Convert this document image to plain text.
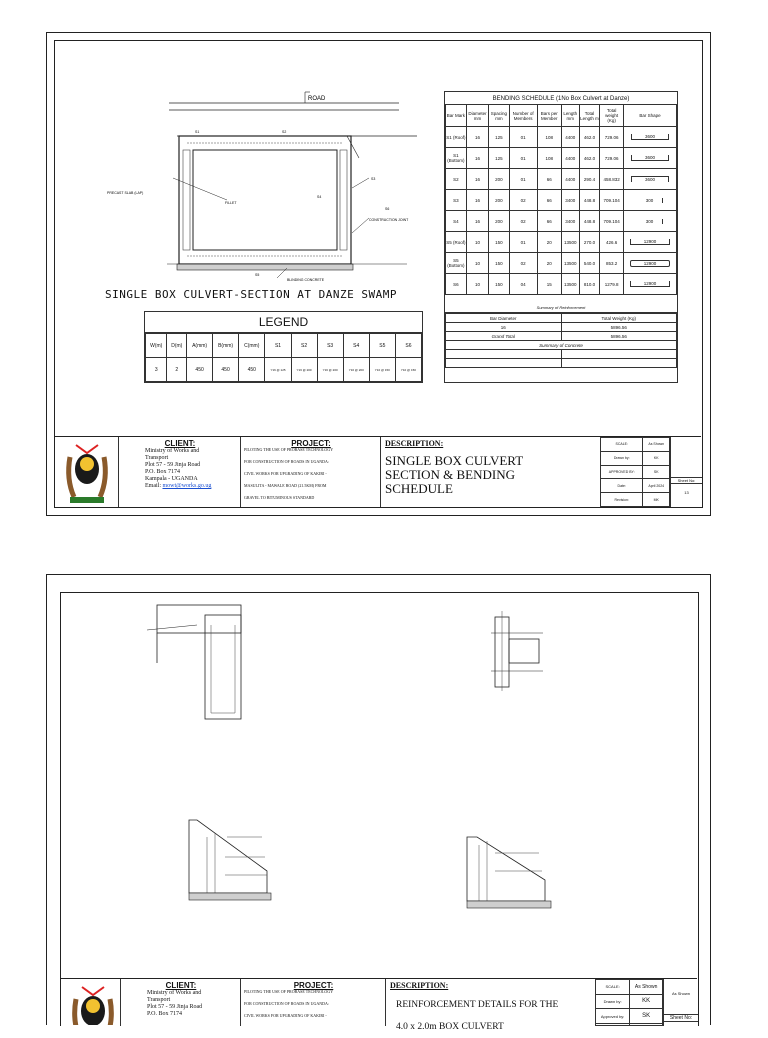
ROAD
PRECAST SLAB (LAP)
FILLET
BLINDING CONCRETE
CONSTRUCTION JOINT
S1	S2
S3
S4
S5
S6
SINGLE BOX CULVERT-SECTION AT DANZE SWAMP
BENDING SCHEDULE (1No Box Culvert at Danze)
Bar Mark	Diameter mm	Spacing mm	Number of Members	Bars per Member	Length mm	Total Length m	Total weight (Kg)	Bar Shape
S1 (Roof)	16	125	01	108	4400	462.0	729.06	3600

S1 (Bottom)	16	125	01	108	4400	462.0	729.06	3600

S2	16	200	01	66	4400	290.4	458.832	3600

S3	16	200	02	66	3400	448.8	709.104	300

S4	16	200	02	66	3400	448.8	709.104	300

S5 (Roof)	10	150	01	20	13500	270.0	426.6	12900

S5 (Bottom)	10	150	02	20	13500	540.0	853.2	12900

S6	10	150	04	15	13500	810.0	1279.8	12900
Summary of Reinforcement
Bar Diameter	Total Weight (Kg)
16	5896.56
Grand Total	5896.56
Summary of Concrete	

LEGEND
W(m)	D(m)	A(mm)	B(mm)	C(mm)	S1	S2	S3	S4	S5	S6
3	2	450	450	450	Y16 @ 125	Y16 @ 200	Y16 @ 200	Y16 @ 200	Y10 @ 150	Y10 @ 150
CLIENT:
Ministry of Works and
Transport
Plot 57 - 59 Jinja Road
P.O. Box 7174
Kampala - UGANDA
Email: mowt@works.go.ug
PROJECT:
PILOTING THE USE OF PROBASE TECHNOLOGY
FOR CONSTRUCTION OF ROADS IN UGANDA:
CIVIL WORKS FOR UPGRADING OF KAKIRI -
MASULITA - MAWALE ROAD (21.5KM) FROM
GRAVEL TO BITUMINOUS STANDARD
DESCRIPTION:
SINGLE BOX CULVERT
SECTION & BENDING
SCHEDULE
SCALE:	As Shown
Drawn by:	KK
APPROVED BY:	SK
Date:	April 2024
Revision:	MK
Sheet No:
13
CLIENT:
Ministry of Works and
Transport
Plot 57 - 59 Jinja Road
P.O. Box 7174
PROJECT:
PILOTING THE USE OF PROBASE TECHNOLOGY
FOR CONSTRUCTION OF ROADS IN UGANDA:
CIVIL WORKS FOR UPGRADING OF KAKIRI -
DESCRIPTION:
REINFORCEMENT DETAILS FOR THE
4.0 x 2.0m BOX CULVERT
SCALE:	As Shown
Drawn by:	KK
Approved by:	SK

As Shown
Sheet No:
